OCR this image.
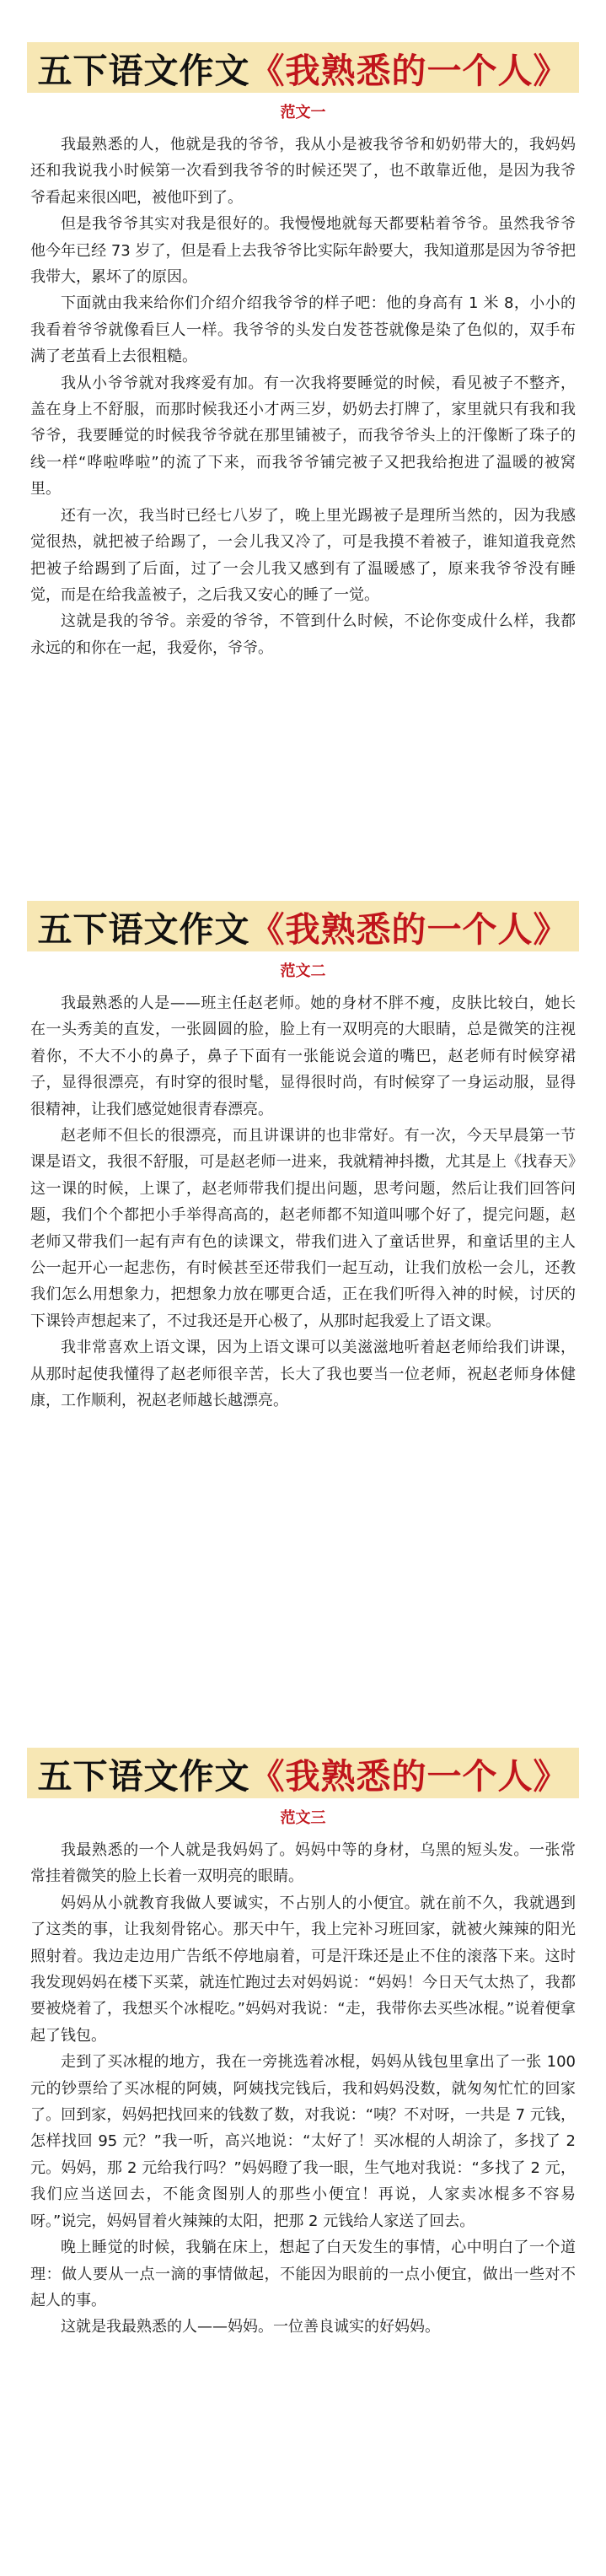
五下语文作文 《我熟悉的一个人》
范文一

我最熟悉的人，他就是我的爷爷，我从小是被我爷爷和奶奶带大的，我妈妈还和我说我小时候第一次看到我爷爷的时候还哭了，也不敢靠近他，是因为我爷爷看起来很凶吧，被他吓到了。

但是我爷爷其实对我是很好的。我慢慢地就每天都要粘着爷爷。虽然我爷爷他今年已经 73 岁了，但是看上去我爷爷比实际年龄要大，我知道那是因为爷爷把我带大，累坏了的原因。

下面就由我来给你们介绍介绍我爷爷的样子吧：他的身高有 1 米 8，小小的我看着爷爷就像看巨人一样。我爷爷的头发白发苍苍就像是染了色似的，双手布满了老茧看上去很粗糙。

我从小爷爷就对我疼爱有加。有一次我将要睡觉的时候，看见被子不整齐，盖在身上不舒服，而那时候我还小才两三岁，奶奶去打牌了，家里就只有我和我爷爷，我要睡觉的时候我爷爷就在那里铺被子，而我爷爷头上的汗像断了珠子的线一样“哗啦哗啦”的流了下来，而我爷爷铺完被子又把我给抱进了温暖的被窝里。

还有一次，我当时已经七八岁了，晚上里光踢被子是理所当然的，因为我感觉很热，就把被子给踢了，一会儿我又冷了，可是我摸不着被子，谁知道我竟然把被子给踢到了后面，过了一会儿我又感到有了温暖感了，原来我爷爷没有睡觉，而是在给我盖被子，之后我又安心的睡了一觉。

这就是我的爷爷。亲爱的爷爷，不管到什么时候，不论你变成什么样，我都永远的和你在一起，我爱你，爷爷。

五下语文作文 《我熟悉的一个人》
范文二

我最熟悉的人是——班主任赵老师。她的身材不胖不瘦，皮肤比较白，她长在一头秀美的直发，一张圆圆的脸，脸上有一双明亮的大眼睛，总是微笑的注视着你，不大不小的鼻子，鼻子下面有一张能说会道的嘴巴，赵老师有时候穿裙子，显得很漂亮，有时穿的很时髦，显得很时尚，有时候穿了一身运动服，显得很精神，让我们感觉她很青春漂亮。

赵老师不但长的很漂亮，而且讲课讲的也非常好。有一次，今天早晨第一节课是语文，我很不舒服，可是赵老师一进来，我就精神抖擞，尤其是上《找春天》这一课的时候，上课了，赵老师带我们提出问题，思考问题，然后让我们回答问题，我们个个都把小手举得高高的，赵老师都不知道叫哪个好了，提完问题，赵老师又带我们一起有声有色的读课文，带我们进入了童话世界，和童话里的主人公一起开心一起悲伤，有时候甚至还带我们一起互动，让我们放松一会儿，还教我们怎么用想象力，把想象力放在哪更合适，正在我们听得入神的时候，讨厌的下课铃声想起来了，不过我还是开心极了，从那时起我爱上了语文课。

我非常喜欢上语文课，因为上语文课可以美滋滋地听着赵老师给我们讲课，从那时起使我懂得了赵老师很辛苦，长大了我也要当一位老师，祝赵老师身体健康，工作顺利，祝赵老师越长越漂亮。

五下语文作文 《我熟悉的一个人》
范文三

我最熟悉的一个人就是我妈妈了。妈妈中等的身材，乌黑的短头发。一张常常挂着微笑的脸上长着一双明亮的眼睛。

妈妈从小就教育我做人要诚实，不占别人的小便宜。就在前不久，我就遇到了这类的事，让我刻骨铭心。那天中午，我上完补习班回家，就被火辣辣的阳光照射着。我边走边用广告纸不停地扇着，可是汗珠还是止不住的滚落下来。这时我发现妈妈在楼下买菜，就连忙跑过去对妈妈说：“妈妈！今日天气太热了，我都要被烧着了，我想买个冰棍吃。”妈妈对我说：“走，我带你去买些冰棍。”说着便拿起了钱包。

走到了买冰棍的地方，我在一旁挑选着冰棍，妈妈从钱包里拿出了一张 100 元的钞票给了买冰棍的阿姨，阿姨找完钱后，我和妈妈没数，就匆匆忙忙的回家了。回到家，妈妈把找回来的钱数了数，对我说：“咦？不对呀，一共是 7 元钱，怎样找回 95 元？”我一听，高兴地说：“太好了！买冰棍的人胡涂了，多找了 2 元。妈妈，那 2 元给我行吗？”妈妈瞪了我一眼，生气地对我说：“多找了 2 元，我们应当送回去，不能贪图别人的那些小便宜！再说，人家卖冰棍多不容易呀。”说完，妈妈冒着火辣辣的太阳，把那 2 元钱给人家送了回去。

晚上睡觉的时候，我躺在床上，想起了白天发生的事情，心中明白了一个道理：做人要从一点一滴的事情做起，不能因为眼前的一点小便宜，做出一些对不起人的事。

这就是我最熟悉的人——妈妈。一位善良诚实的好妈妈。
